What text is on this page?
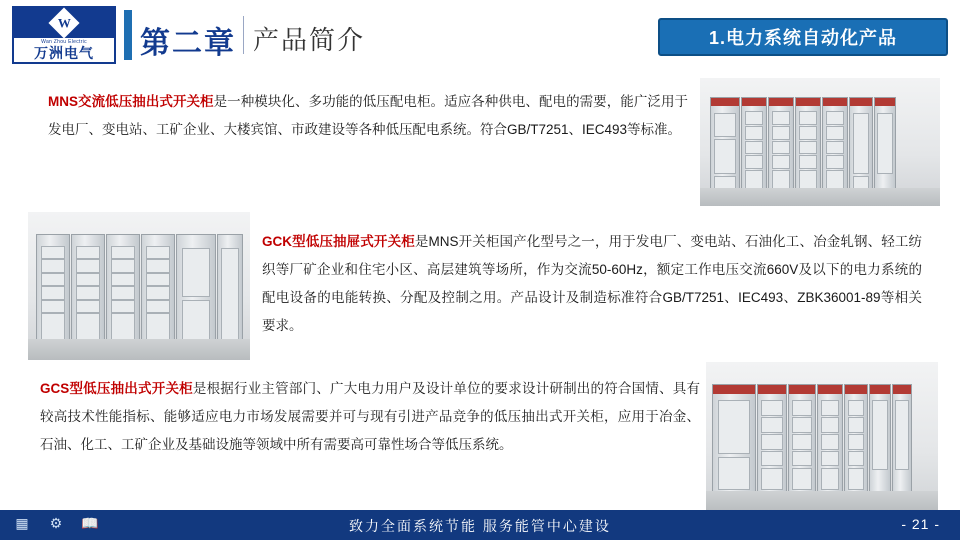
W
Wan Zhou Electric
万洲电气 第二章 产品简介	1.电力系统自动化产品
MNS交流低压抽出式开关柜是一种模块化、多功能的低压配电柜。适应各种供电、配电的需要，能广泛用于发电厂、变电站、工矿企业、大楼宾馆、市政建设等各种低压配电系统。符合GB/T7251、IEC493等标准。
GCK型低压抽屉式开关柜是MNS开关柜国产化型号之一，用于发电厂、变电站、石油化工、冶金轧钢、轻工纺织等厂矿企业和住宅小区、高层建筑等场所，作为交流50-60Hz，额定工作电压交流660V及以下的电力系统的配电设备的电能转换、分配及控制之用。产品设计及制造标准符合GB/T7251、IEC493、ZBK36001-89等相关要求。
GCS型低压抽出式开关柜是根据行业主管部门、广大电力用户及设计单位的要求设计研制出的符合国情、具有较高技术性能指标、能够适应电力市场发展需要并可与现有引进产品竞争的低压抽出式开关柜，应用于冶金、石油、化工、工矿企业及基础设施等领域中所有需要高可靠性场合等低压系统。
▦ ⚙ 📖	致力全面系统节能 服务能管中心建设	- 21 -
